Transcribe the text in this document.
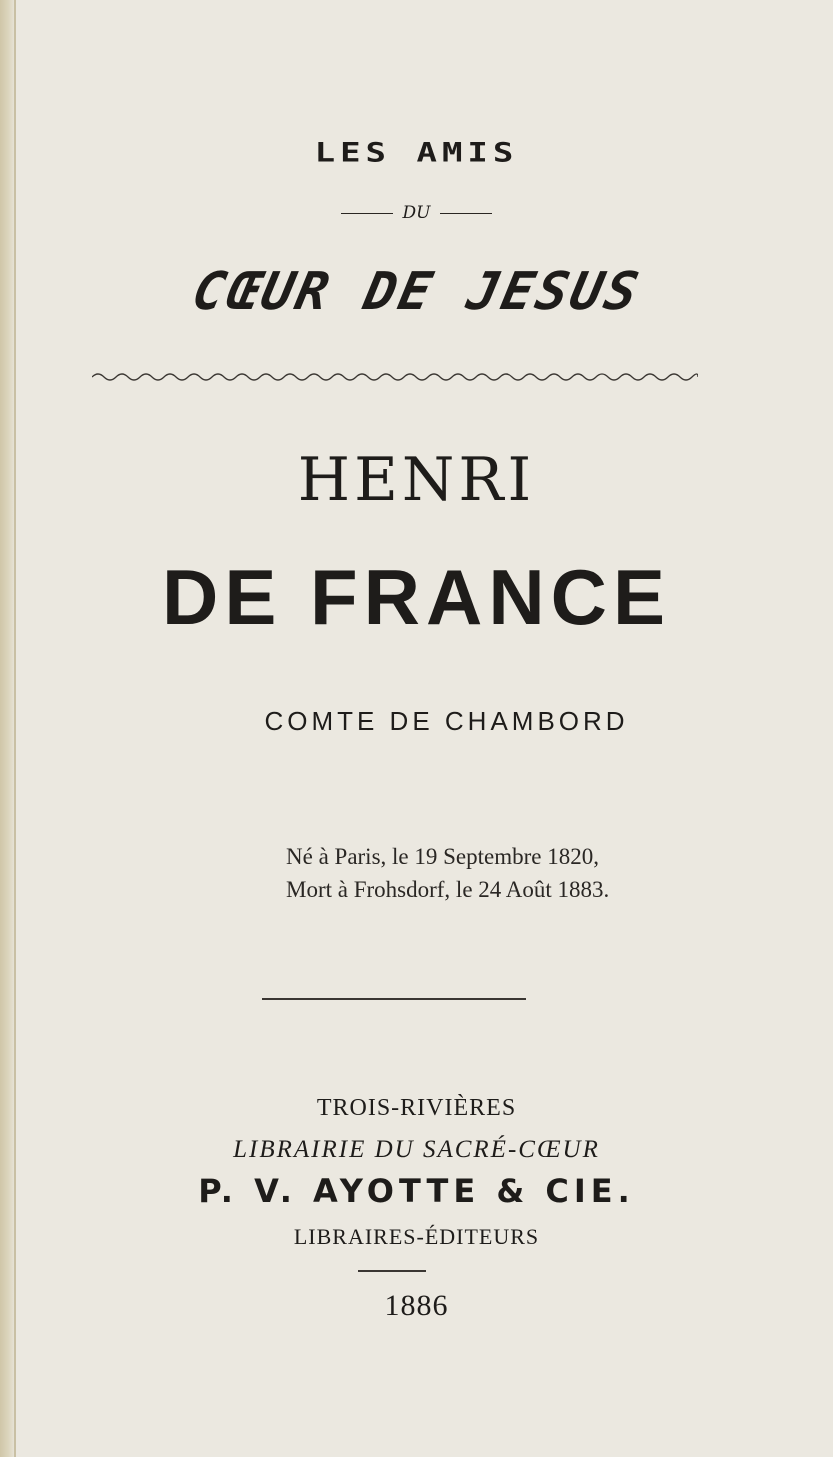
LES AMIS
DU
CŒUR DE JESUS
HENRI
DE FRANCE
COMTE DE CHAMBORD
Né à Paris, le 19 Septembre 1820,
Mort à Frohsdorf, le 24 Août 1883.
TROIS-RIVIÈRES
LIBRAIRIE DU SACRÉ-CŒUR
P. V. AYOTTE & CIE.
LIBRAIRES-ÉDITEURS
1886
